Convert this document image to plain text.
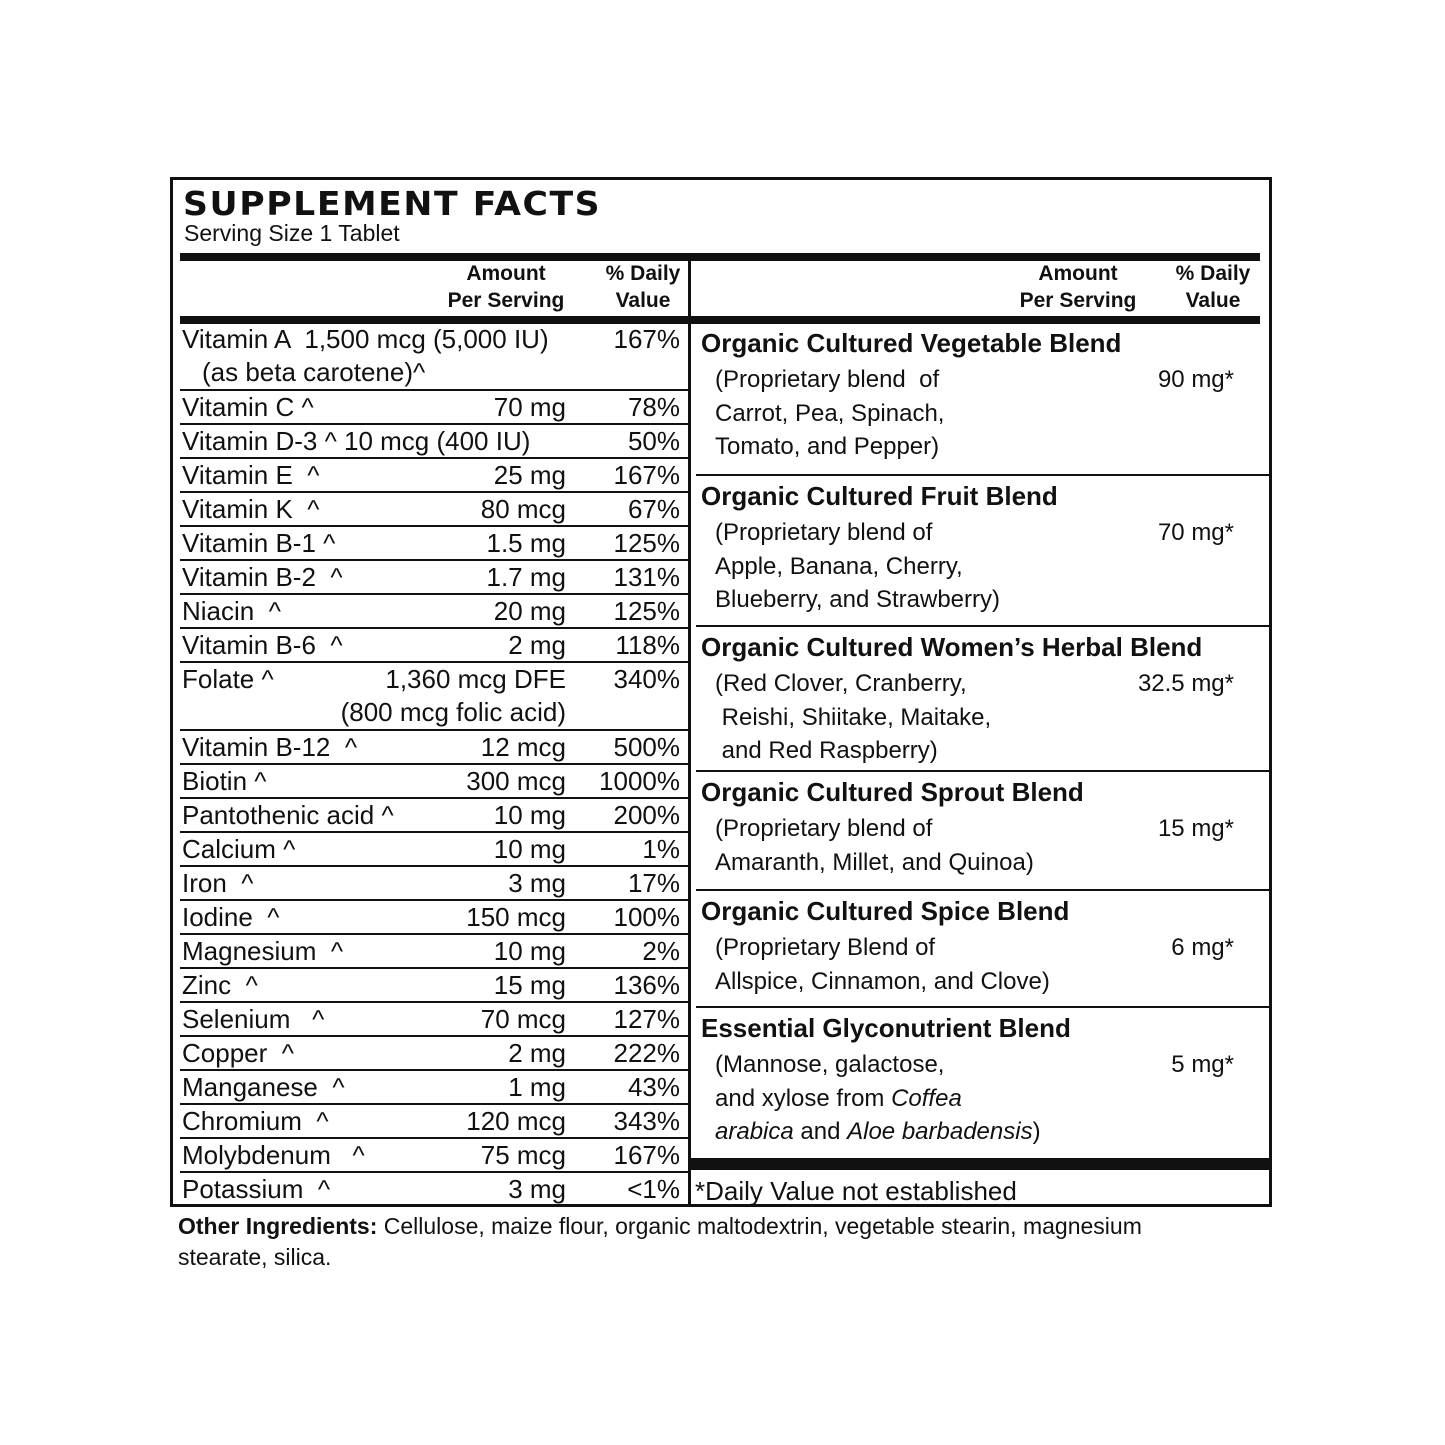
SUPPLEMENT FACTS
Serving Size 1 Tablet
Amount
Per Serving
% Daily
Value
Amount
Per Serving
% Daily
Value
Vitamin A  1,500 mcg (5,000 IU) 167%
(as beta carotene)^
Vitamin C ^	70 mg 78%
Vitamin D-3 ^ 10 mcg (400 IU)	50%
Vitamin E  ^	25 mg 167%
Vitamin K  ^	80 mcg 67%
Vitamin B-1 ^	1.5 mg 125%
Vitamin B-2  ^	1.7 mg 131%
Niacin  ^	20 mg 125%
Vitamin B-6  ^	2 mg 118%
Folate ^	1,360 mcg DFE 340%
(800 mcg folic acid)
Vitamin B-12  ^	12 mcg 500%
Biotin ^	300 mcg 1000%
Pantothenic acid ^	10 mg 200%
Calcium ^	10 mg	1%
Iron  ^	3 mg 17%
Iodine  ^	150 mcg 100%
Magnesium  ^	10 mg	2%
Zinc  ^	15 mg 136%
Selenium   ^	70 mcg 127%
Copper  ^	2 mg 222%
Manganese  ^	1 mg 43%
Chromium  ^	120 mcg 343%
Molybdenum   ^	75 mcg 167%
Potassium  ^	3 mg <1%
Organic Cultured Vegetable Blend
90 mg*
(Proprietary blend  of
Carrot, Pea, Spinach,
Tomato, and Pepper)
Organic Cultured Fruit Blend
70 mg*
(Proprietary blend of
Apple, Banana, Cherry,
Blueberry, and Strawberry)
Organic Cultured Women’s Herbal Blend
32.5 mg*
(Red Clover, Cranberry,
Reishi, Shiitake, Maitake,
and Red Raspberry)
Organic Cultured Sprout Blend
15 mg*
(Proprietary blend of
Amaranth, Millet, and Quinoa)
Organic Cultured Spice Blend
6 mg*
(Proprietary Blend of
Allspice, Cinnamon, and Clove)
Essential Glyconutrient Blend
5 mg*
(Mannose, galactose,
and xylose from Coffea
arabica and Aloe barbadensis)
*Daily Value not established
Other Ingredients: Cellulose, maize flour, organic maltodextrin, vegetable stearin, magnesium stearate, silica.
